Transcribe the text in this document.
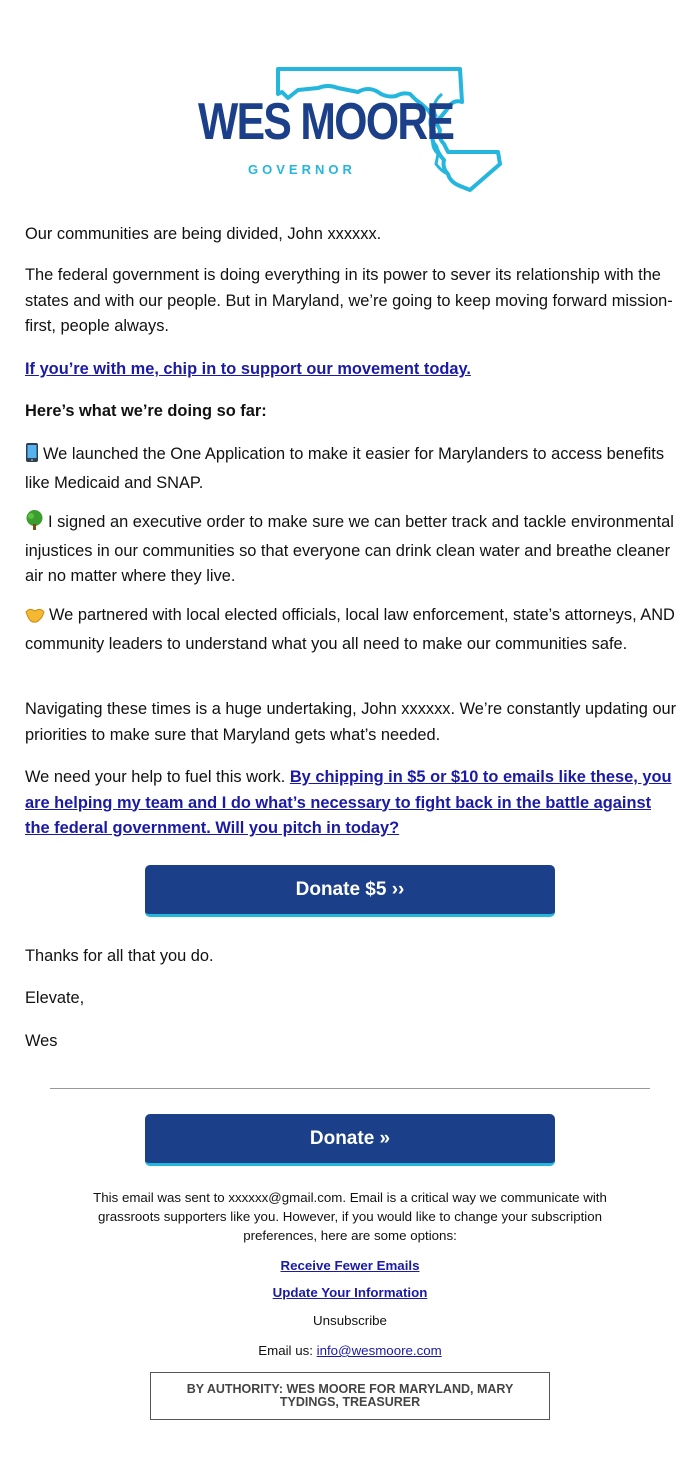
WES MOORE
GOVERNOR

Our communities are being divided, John xxxxxx.

The federal government is doing everything in its power to sever its relationship with the states and with our people. But in Maryland, we’re going to keep moving forward mission-first, people always.

If you’re with me, chip in to support our movement today.

Here’s what we’re doing so far:

We launched the One Application to make it easier for Marylanders to access benefits like Medicaid and SNAP.

I signed an executive order to make sure we can better track and tackle environmental injustices in our communities so that everyone can drink clean water and breathe cleaner air no matter where they live.

We partnered with local elected officials, local law enforcement, state’s attorneys, AND community leaders to understand what you all need to make our communities safe.

Navigating these times is a huge undertaking, John xxxxxx. We’re constantly updating our priorities to make sure that Maryland gets what’s needed.

We need your help to fuel this work. By chipping in $5 or $10 to emails like these, you are helping my team and I do what’s necessary to fight back in the battle against the federal government. Will you pitch in today?

Donate $5 ››

Thanks for all that you do.

Elevate,

Wes

Donate »
This email was sent to xxxxxx@gmail.com. Email is a critical way we communicate with grassroots supporters like you. However, if you would like to change your subscription preferences, here are some options:
Receive Fewer Emails
Update Your Information
Unsubscribe
Email us: info@wesmoore.com
BY AUTHORITY: WES MOORE FOR MARYLAND, MARY TYDINGS, TREASURER
